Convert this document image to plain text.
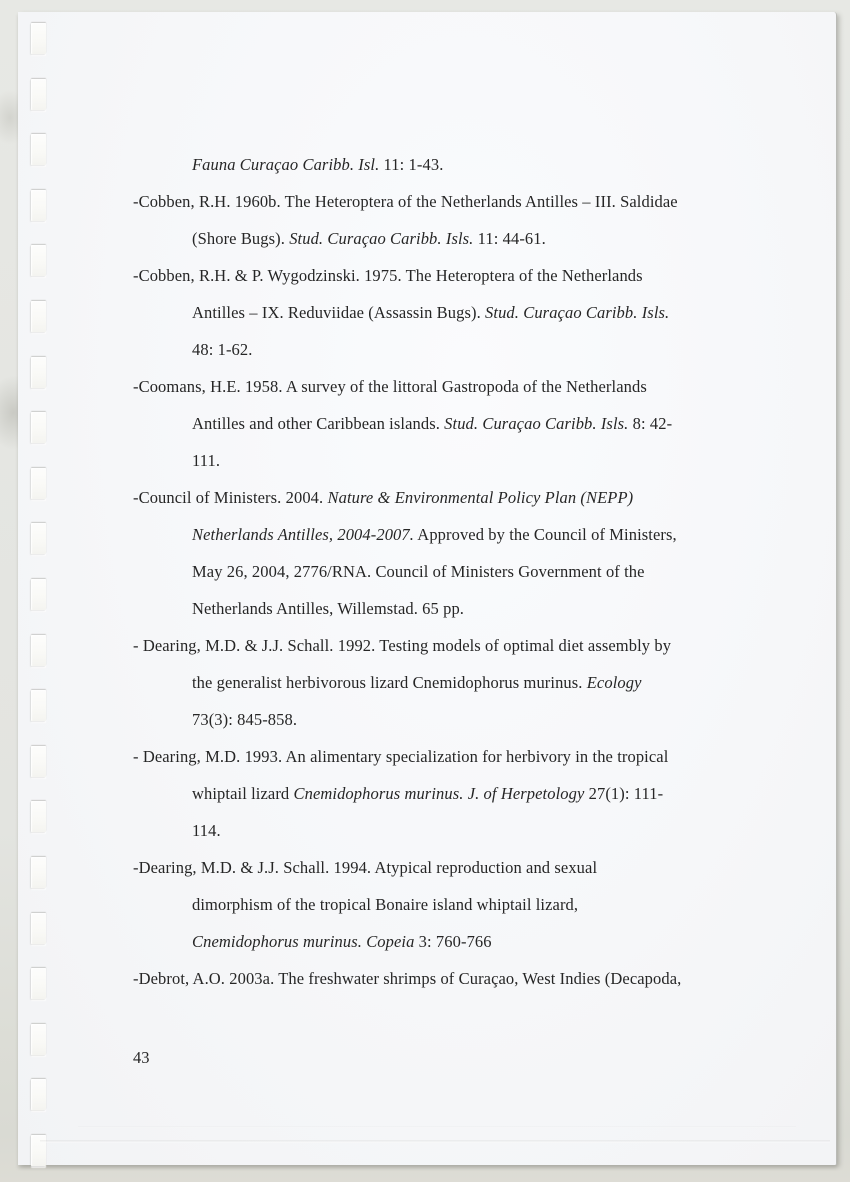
Fauna Curaçao Caribb. Isl. 11: 1-43.
-Cobben, R.H. 1960b. The Heteroptera of the Netherlands Antilles – III. Saldidae
(Shore Bugs). Stud. Curaçao Caribb. Isls. 11: 44-61.
-Cobben, R.H. & P. Wygodzinski. 1975. The Heteroptera of the Netherlands
Antilles – IX. Reduviidae (Assassin Bugs). Stud. Curaçao Caribb. Isls.
48: 1-62.
-Coomans, H.E. 1958. A survey of the littoral Gastropoda of the Netherlands
Antilles and other Caribbean islands. Stud. Curaçao Caribb. Isls. 8: 42-
111.
-Council of Ministers. 2004. Nature & Environmental Policy Plan (NEPP)
Netherlands Antilles, 2004-2007. Approved by the Council of Ministers,
May 26, 2004, 2776/RNA. Council of Ministers Government of the
Netherlands Antilles, Willemstad. 65 pp.
- Dearing, M.D. & J.J. Schall. 1992. Testing models of optimal diet assembly by
the generalist herbivorous lizard Cnemidophorus murinus. Ecology
73(3): 845-858.
- Dearing, M.D. 1993. An alimentary specialization for herbivory in the tropical
whiptail lizard Cnemidophorus murinus. J. of Herpetology 27(1): 111-
114.
-Dearing, M.D. & J.J. Schall. 1994. Atypical reproduction and sexual
dimorphism of the tropical Bonaire island whiptail lizard,
Cnemidophorus murinus. Copeia 3: 760-766
-Debrot, A.O. 2003a. The freshwater shrimps of Curaçao, West Indies (Decapoda,
43
